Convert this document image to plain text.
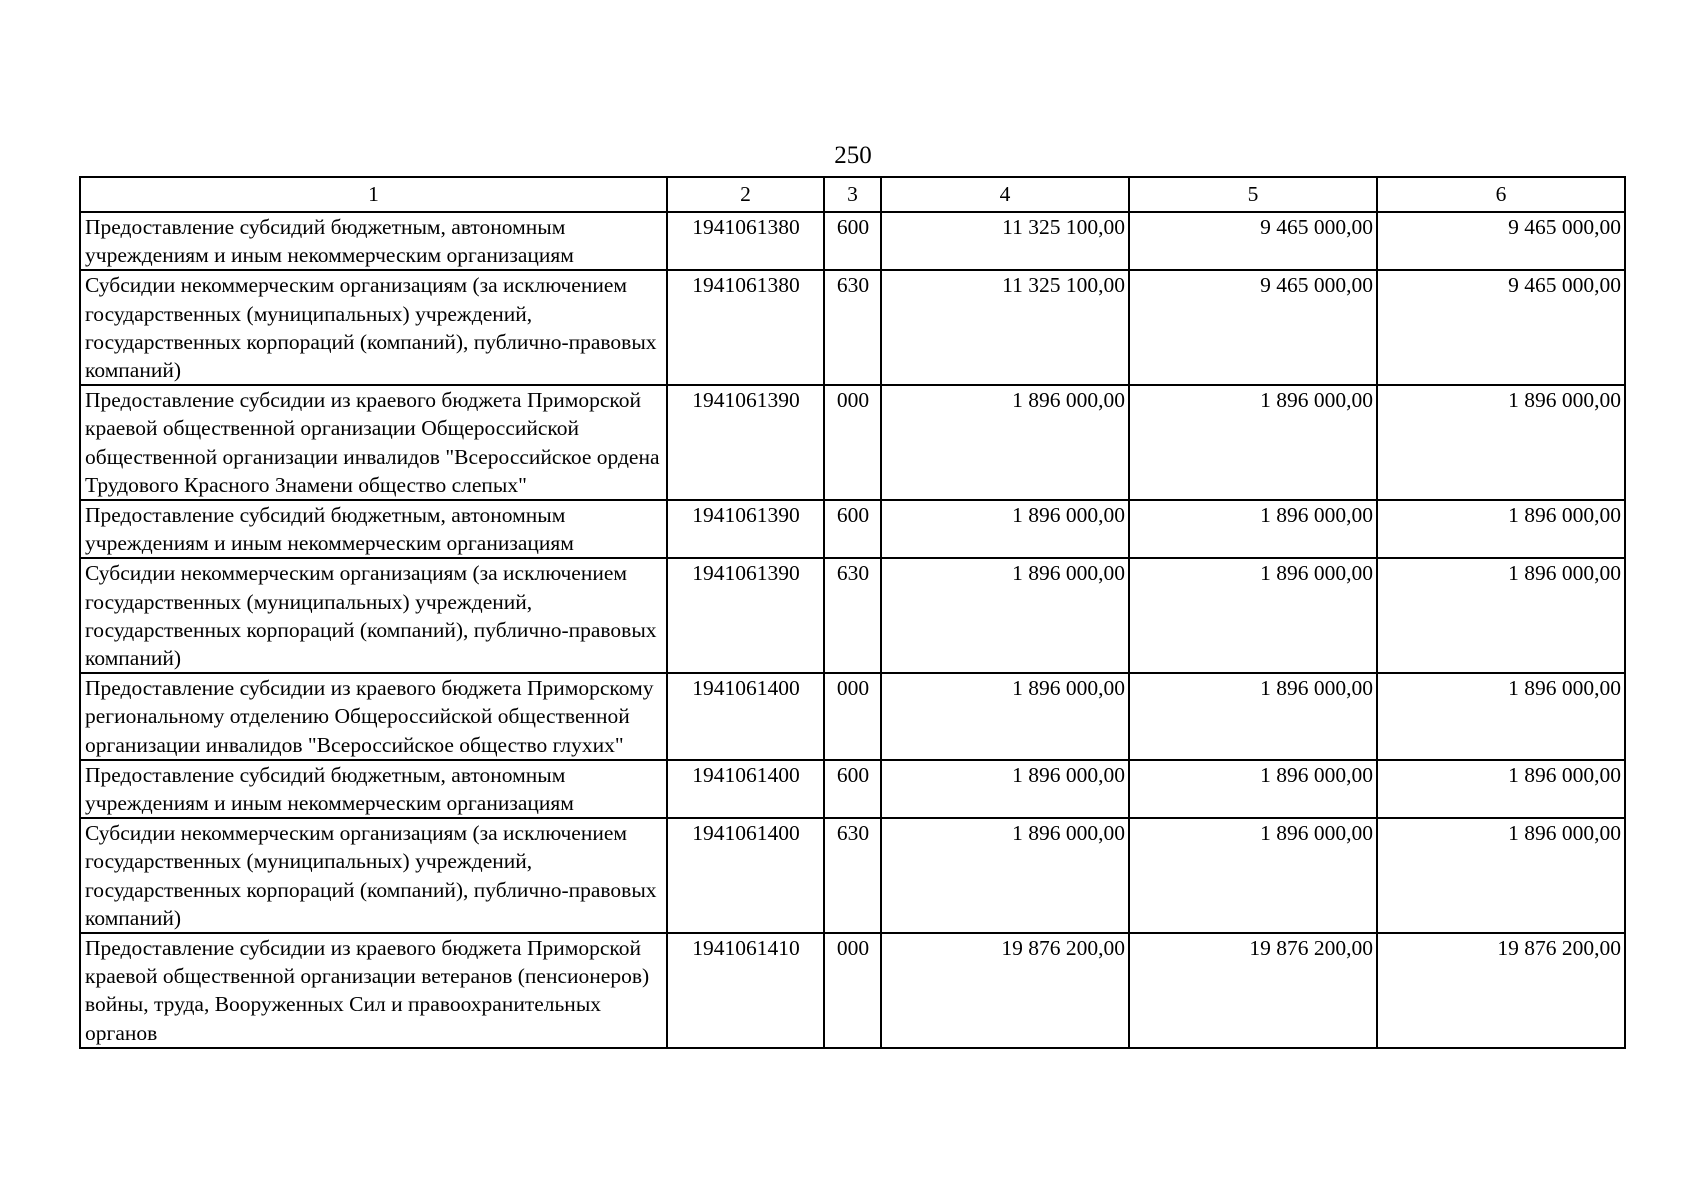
250
1	2	3	4	5	6
Предоставление субсидий бюджетным, автономным учреждениям и иным некоммерческим организациям	1941061380	600	11 325 100,00	9 465 000,00	9 465 000,00
Субсидии некоммерческим организациям (за исключением государственных (муниципальных) учреждений, государственных корпораций (компаний), публично-правовых компаний)	1941061380	630	11 325 100,00	9 465 000,00	9 465 000,00
Предоставление субсидии из краевого бюджета Приморской краевой общественной организации Общероссийской общественной организации инвалидов "Всероссийское ордена Трудового Красного Знамени общество слепых"	1941061390	000	1 896 000,00	1 896 000,00	1 896 000,00
Предоставление субсидий бюджетным, автономным учреждениям и иным некоммерческим организациям	1941061390	600	1 896 000,00	1 896 000,00	1 896 000,00
Субсидии некоммерческим организациям (за исключением государственных (муниципальных) учреждений, государственных корпораций (компаний), публично-правовых компаний)	1941061390	630	1 896 000,00	1 896 000,00	1 896 000,00
Предоставление субсидии из краевого бюджета Приморскому региональному отделению Общероссийской общественной организации инвалидов "Всероссийское общество глухих"	1941061400	000	1 896 000,00	1 896 000,00	1 896 000,00
Предоставление субсидий бюджетным, автономным учреждениям и иным некоммерческим организациям	1941061400	600	1 896 000,00	1 896 000,00	1 896 000,00
Субсидии некоммерческим организациям (за исключением государственных (муниципальных) учреждений, государственных корпораций (компаний), публично-правовых компаний)	1941061400	630	1 896 000,00	1 896 000,00	1 896 000,00
Предоставление субсидии из краевого бюджета Приморской краевой общественной организации ветеранов (пенсионеров) войны, труда, Вооруженных Сил и правоохранительных органов	1941061410	000	19 876 200,00	19 876 200,00	19 876 200,00
